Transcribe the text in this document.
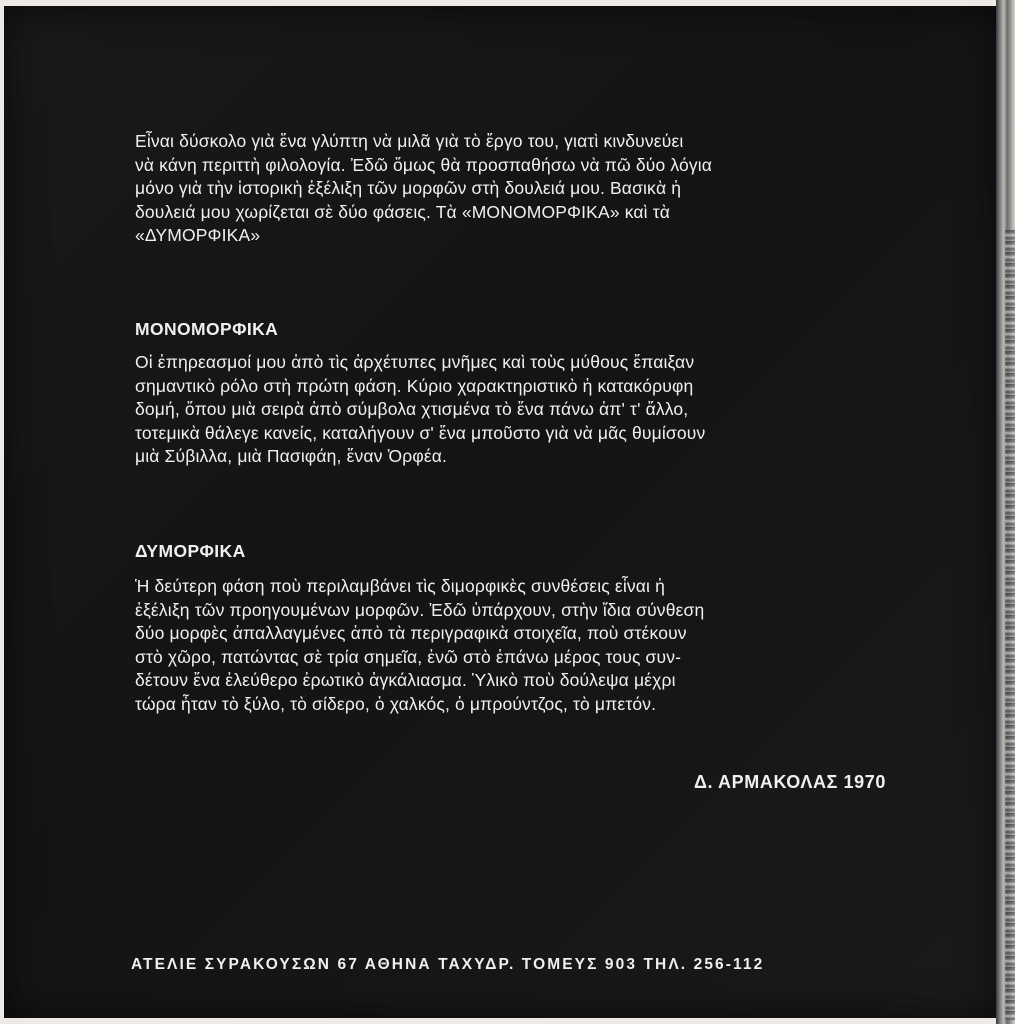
Εἶναι δύσκολο γιὰ ἕνα γλύπτη νὰ μιλᾶ γιὰ τὸ ἔργο του, γιατὶ κινδυνεύει
νὰ κάνη περιττὴ φιλολογία. Ἐδῶ ὅμως θὰ προσπαθήσω νὰ πῶ δύο λόγια
μόνο γιὰ τὴν ἱστορικὴ ἐξέλιξη τῶν μορφῶν στὴ δουλειά μου. Βασικὰ ἡ
δουλειά μου χωρίζεται σὲ δύο φάσεις. Τὰ «ΜΟΝΟΜΟΡΦΙΚΑ» καὶ τὰ
«ΔΥΜΟΡΦΙΚΑ»
ΜΟΝΟΜΟΡΦΙΚΑ
Οἱ ἐπηρεασμοί μου ἀπὸ τὶς ἀρχέτυπες μνῆμες καὶ τοὺς μύθους ἔπαιξαν
σημαντικὸ ρόλο στὴ πρώτη φάση. Κύριο χαρακτηριστικὸ ἡ κατακόρυφη
δομή, ὅπου μιὰ σειρὰ ἀπὸ σύμβολα χτισμένα τὸ ἕνα πάνω ἀπ' τ' ἄλλο,
τοτεμικὰ θάλεγε κανείς, καταλήγουν σ' ἕνα μποῦστο γιὰ νὰ μᾶς θυμίσουν
μιὰ Σύβιλλα, μιὰ Πασιφάη, ἕναν Ὀρφέα.
ΔΥΜΟΡΦΙΚΑ
Ἡ δεύτερη φάση ποὺ περιλαμβάνει τὶς διμορφικὲς συνθέσεις εἶναι ἡ
ἐξέλιξη τῶν προηγουμένων μορφῶν. Ἐδῶ ὑπάρχουν, στὴν ἴδια σύνθεση
δύο μορφὲς ἀπαλλαγμένες ἀπὸ τὰ περιγραφικὰ στοιχεῖα, ποὺ στέκουν
στὸ χῶρο, πατώντας σὲ τρία σημεῖα, ἐνῶ στὸ ἐπάνω μέρος τους συν-
δέτουν ἕνα ἐλεύθερο ἐρωτικὸ ἀγκάλιασμα. Ὑλικὸ ποὺ δούλεψα μέχρι
τώρα ἦταν τὸ ξύλο, τὸ σίδερο, ὁ χαλκός, ὁ μπρούντζος, τὸ μπετόν.
Δ. ΑΡΜΑΚΟΛΑΣ 1970
ΑΤΕΛΙΕ ΣΥΡΑΚΟΥΣΩΝ 67 ΑΘΗΝΑ ΤΑΧΥΔΡ. ΤΟΜΕΥΣ 903 ΤΗΛ. 256-112
